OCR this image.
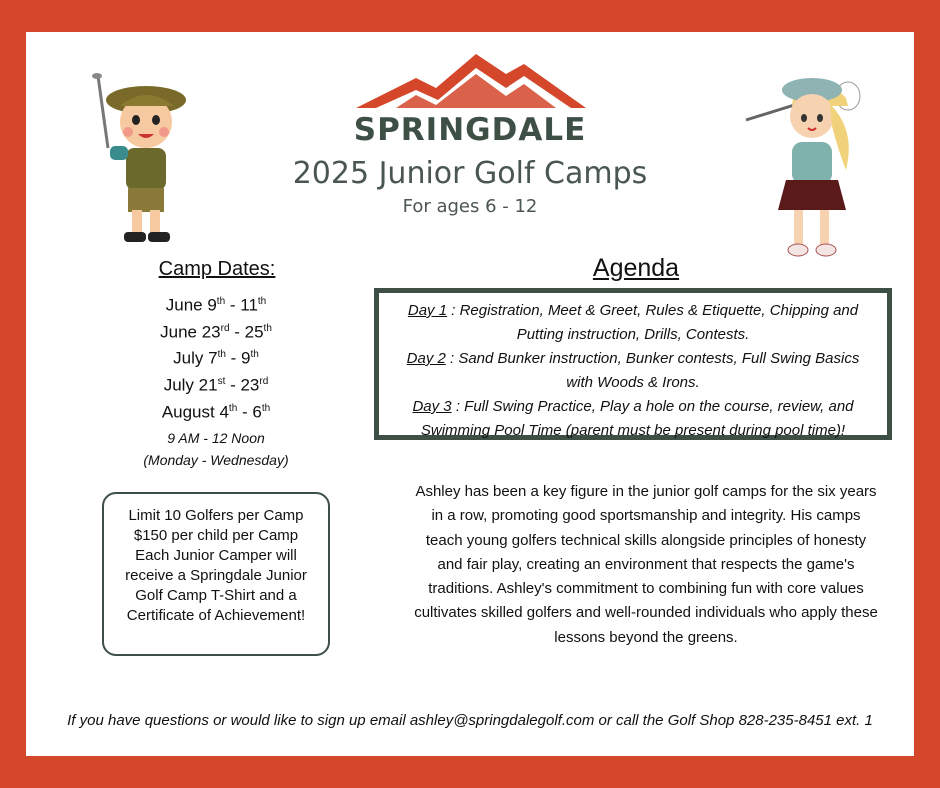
SPRINGDALE
2025 Junior Golf Camps
For ages 6 - 12
Camp Dates:
June 9th - 11th
June 23rd - 25th
July 7th - 9th
July 21st - 23rd
August 4th - 6th
9 AM - 12 Noon
(Monday - Wednesday)
Agenda
Day 1 : Registration, Meet & Greet, Rules & Etiquette, Chipping and Putting instruction, Drills, Contests.
Day 2 : Sand Bunker instruction, Bunker contests, Full Swing Basics with Woods & Irons.
Day 3 : Full Swing Practice, Play a hole on the course, review, and Swimming Pool Time (parent must be present during pool time)!
Limit 10 Golfers per Camp
$150 per child per Camp
Each Junior Camper will receive a Springdale Junior Golf Camp T-Shirt and a Certificate of Achievement!
Ashley has been a key figure in the junior golf camps for the six years in a row, promoting good sportsmanship and integrity. His camps teach young golfers technical skills alongside principles of honesty and fair play, creating an environment that respects the game's traditions. Ashley's commitment to combining fun with core values cultivates skilled golfers and well-rounded individuals who apply these lessons beyond the greens.
If you have questions or would like to sign up email ashley@springdalegolf.com or call the Golf Shop 828-235-8451 ext. 1
